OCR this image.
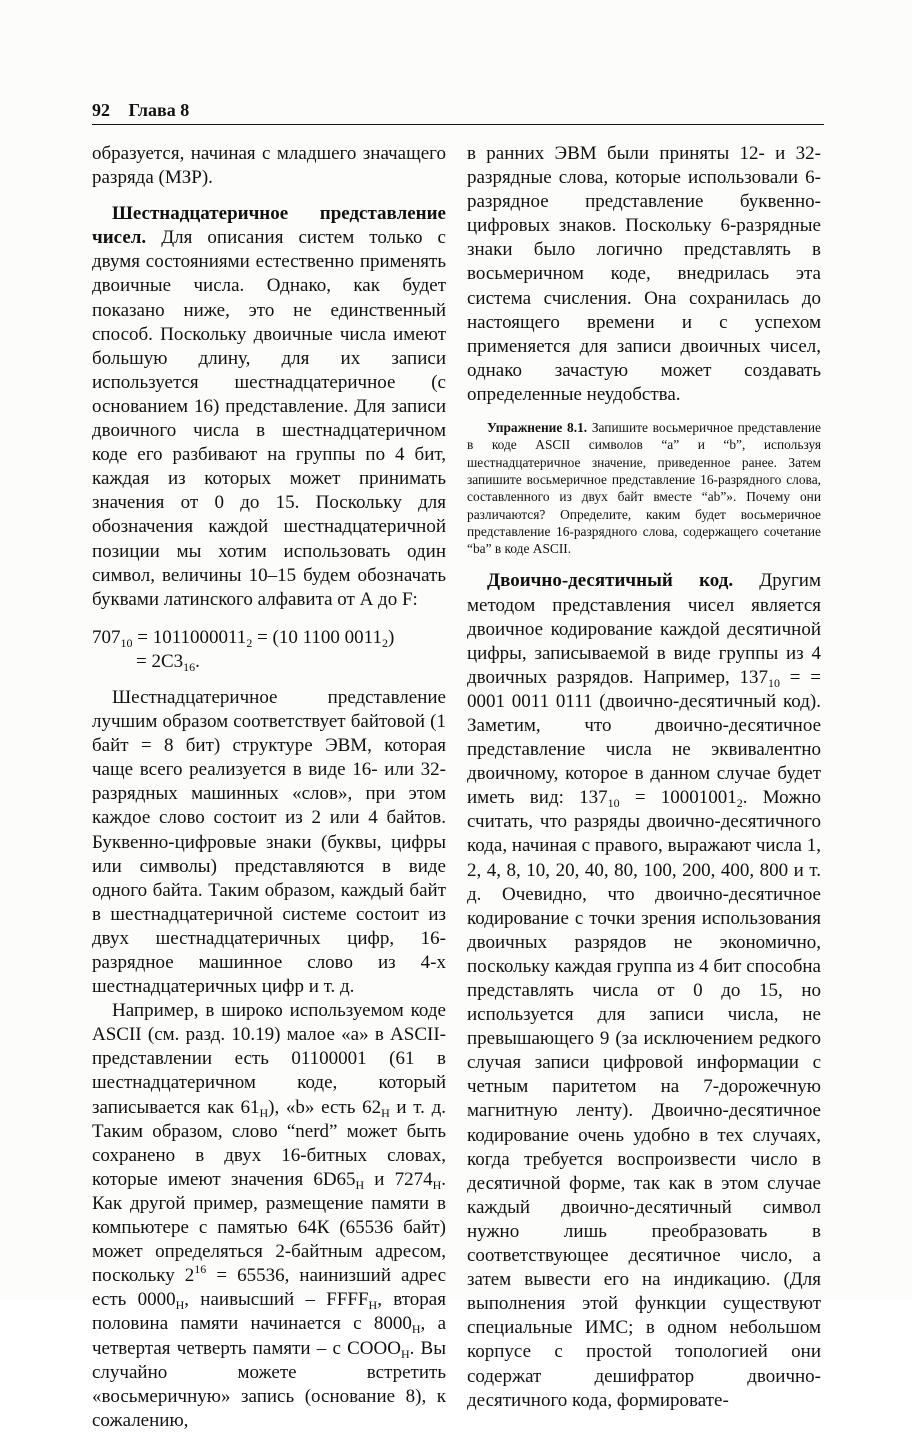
92 Глава 8

образуется, начиная с младшего значащего разряда (МЗР).

Шестнадцатеричное представление чисел. Для описания систем только с двумя состояниями естественно применять двоичные числа. Однако, как будет показано ниже, это не единственный способ. Поскольку двоичные числа имеют большую длину, для их записи используется шестнадцатеричное (с основанием 16) представление. Для записи двоичного числа в шестнадцатеричном коде его разбивают на группы по 4 бит, каждая из которых может принимать значения от 0 до 15. Поскольку для обозначения каждой шестнадцатеричной позиции мы хотим использовать один символ, величины 10–15 будем обозначать буквами латинского алфавита от А до F:

$707_{10} = 1011000011_2 = (10$ 1100 $0011_2$)
= $2C3_{16}$.

Шестнадцатеричное представление лучшим образом соответствует байтовой (1 байт = 8 бит) структуре ЭВМ, которая чаще всего реализуется в виде 16- или 32-разрядных машинных «слов», при этом каждое слово состоит из 2 или 4 байтов. Буквенно-цифровые знаки (буквы, цифры или символы) представляются в виде одного байта. Таким образом, каждый байт в шестнадцатеричной системе состоит из двух шестнадцатеричных цифр, 16-разрядное машинное слово из 4-х шестнадцатеричных цифр и т. д.

Например, в широко используемом коде ASCII (см. разд. 10.19) малое «а» в ASCII-представлении есть 01100001 (61 в шестнадцатеричном коде, который записывается как $61_H$), «b» есть $62_H$ и т. д. Таким образом, слово “nerd” может быть сохранено в двух 16-битных словах, которые имеют значения $6D65_H$ и $7274_H$. Как другой пример, размещение памяти в компьютере с памятью 64К (65536 байт) может определяться 2-байтным адресом, поскольку $2^{16} = 65536$, наинизший адрес есть $0000_H$, наивысший – $FFFF_H$, вторая половина памяти начинается с $8000_H$, а четвертая четверть памяти – с $СООО_H$. Вы случайно можете встретить «восьмеричную» запись (основание 8), к сожалению,

в ранних ЭВМ были приняты 12- и 32-разрядные слова, которые использовали 6-разрядное представление буквенно-цифровых знаков. Поскольку 6-разрядные знаки было логично представлять в восьмеричном коде, внедрилась эта система счисления. Она сохранилась до настоящего времени и с успехом применяется для записи двоичных чисел, однако зачастую может создавать определенные неудобства.

Упражнение 8.1. Запишите восьмеричное представление в коде ASCII символов “а” и “b”, используя шестнадцатеричное значение, приведенное ранее. Затем запишите восьмеричное представление 16-разрядного слова, составленного из двух байт вместе “ab”». Почему они различаются? Определите, каким будет восьмеричное представление 16-разрядного слова, содержащего сочетание “ba” в коде ASCII.

Двоично-десятичный код. Другим методом представления чисел является двоичное кодирование каждой десятичной цифры, записываемой в виде группы из 4 двоичных разрядов. Например, $137_{10}$ = = 0001 0011 0111 (двоично-десятичный код). Заметим, что двоично-десятичное представление числа не эквивалентно двоичному, которое в данном случае будет иметь вид: $137_{10} = 10001001_2$. Можно считать, что разряды двоично-десятичного кода, начиная с правого, выражают числа 1, 2, 4, 8, 10, 20, 40, 80, 100, 200, 400, 800 и т. д. Очевидно, что двоично-десятичное кодирование с точки зрения использования двоичных разрядов не экономично, поскольку каждая группа из 4 бит способна представлять числа от 0 до 15, но используется для записи числа, не превышающего 9 (за исключением редкого случая записи цифровой информации с четным паритетом на 7-дорожечную магнитную ленту). Двоично-десятичное кодирование очень удобно в тех случаях, когда требуется воспроизвести число в десятичной форме, так как в этом случае каждый двоично-десятичный символ нужно лишь преобразовать в соответствующее десятичное число, а затем вывести его на индикацию. (Для выполнения этой функции существуют специальные ИМС; в одном небольшом корпусе с простой топологией они содержат дешифратор двоично-десятичного кода, формировате-
